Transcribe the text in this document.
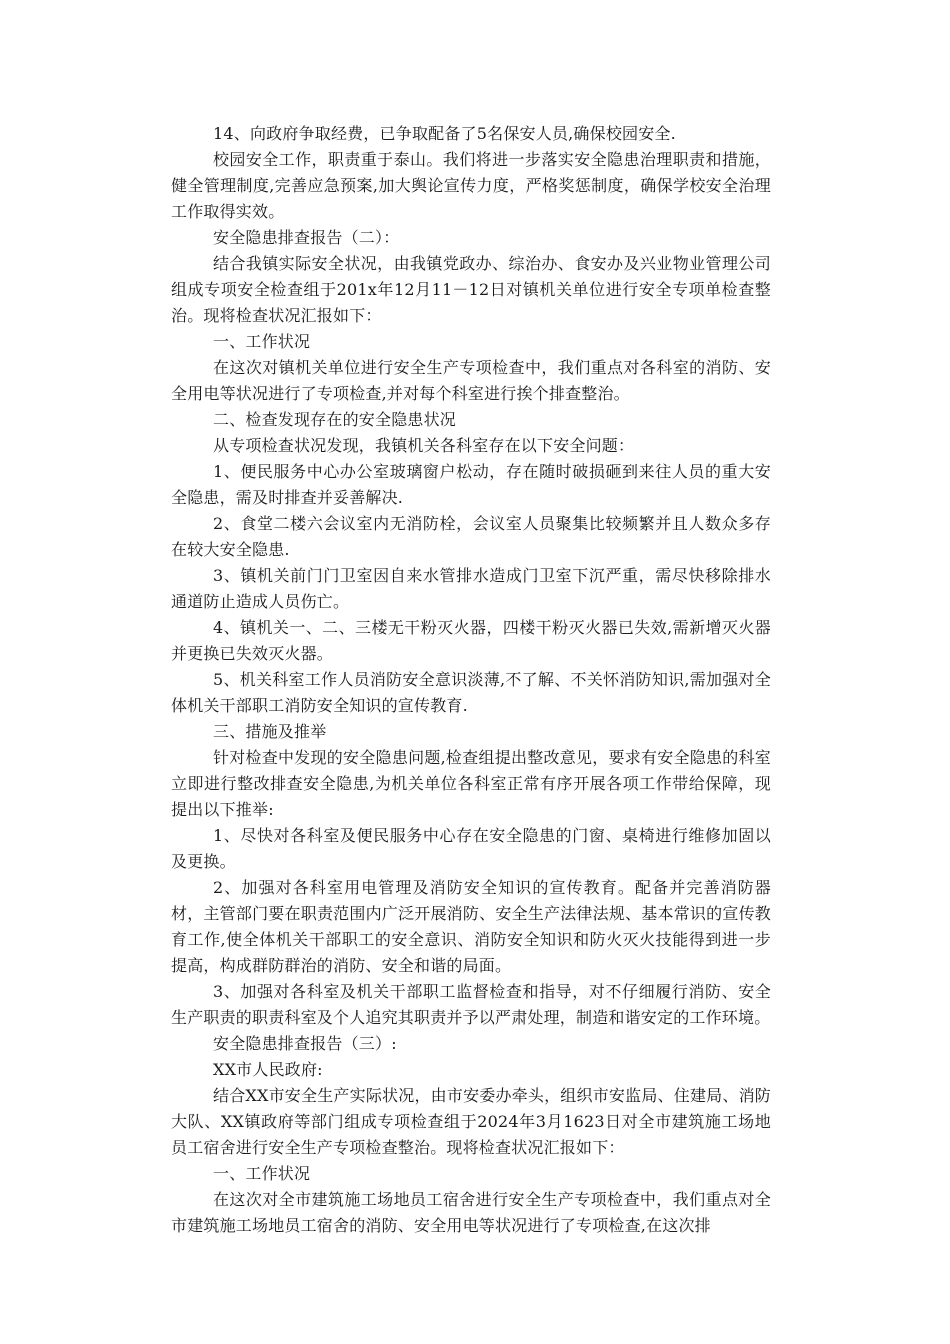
14、向政府争取经费，已争取配备了5名保安人员,确保校园安全.

校园安全工作，职责重于泰山。我们将进一步落实安全隐患治理职责和措施，健全管理制度,完善应急预案,加大舆论宣传力度，严格奖惩制度，确保学校安全治理工作取得实效。

安全隐患排查报告（二）：

结合我镇实际安全状况，由我镇党政办、综治办、食安办及兴业物业管理公司组成专项安全检查组于201x年12月11－12日对镇机关单位进行安全专项单检查整治。现将检查状况汇报如下：

一、工作状况

在这次对镇机关单位进行安全生产专项检查中，我们重点对各科室的消防、安全用电等状况进行了专项检查,并对每个科室进行挨个排查整治。

二、检查发现存在的安全隐患状况

从专项检查状况发现，我镇机关各科室存在以下安全问题：

1、便民服务中心办公室玻璃窗户松动，存在随时破损砸到来往人员的重大安全隐患，需及时排查并妥善解决.

2、食堂二楼六会议室内无消防栓，会议室人员聚集比较频繁并且人数众多存在较大安全隐患.

3、镇机关前门门卫室因自来水管排水造成门卫室下沉严重，需尽快移除排水通道防止造成人员伤亡。

4、镇机关一、二、三楼无干粉灭火器，四楼干粉灭火器已失效,需新增灭火器并更换已失效灭火器。

5、机关科室工作人员消防安全意识淡薄,不了解、不关怀消防知识,需加强对全体机关干部职工消防安全知识的宣传教育.

三、措施及推举

针对检查中发现的安全隐患问题,检查组提出整改意见，要求有安全隐患的科室立即进行整改排查安全隐患,为机关单位各科室正常有序开展各项工作带给保障，现提出以下推举:

1、尽快对各科室及便民服务中心存在安全隐患的门窗、桌椅进行维修加固以及更换。

2、加强对各科室用电管理及消防安全知识的宣传教育。配备并完善消防器材，主管部门要在职责范围内广泛开展消防、安全生产法律法规、基本常识的宣传教育工作,使全体机关干部职工的安全意识、消防安全知识和防火灭火技能得到进一步提高，构成群防群治的消防、安全和谐的局面。

3、加强对各科室及机关干部职工监督检查和指导，对不仔细履行消防、安全生产职责的职责科室及个人追究其职责并予以严肃处理，制造和谐安定的工作环境。

安全隐患排查报告（三）:

XX市人民政府:

结合XX市安全生产实际状况，由市安委办牵头，组织市安监局、住建局、消防大队、XX镇政府等部门组成专项检查组于2024年3月1623日对全市建筑施工场地员工宿舍进行安全生产专项检查整治。现将检查状况汇报如下：

一、工作状况

在这次对全市建筑施工场地员工宿舍进行安全生产专项检查中，我们重点对全市建筑施工场地员工宿舍的消防、安全用电等状况进行了专项检查,在这次排
